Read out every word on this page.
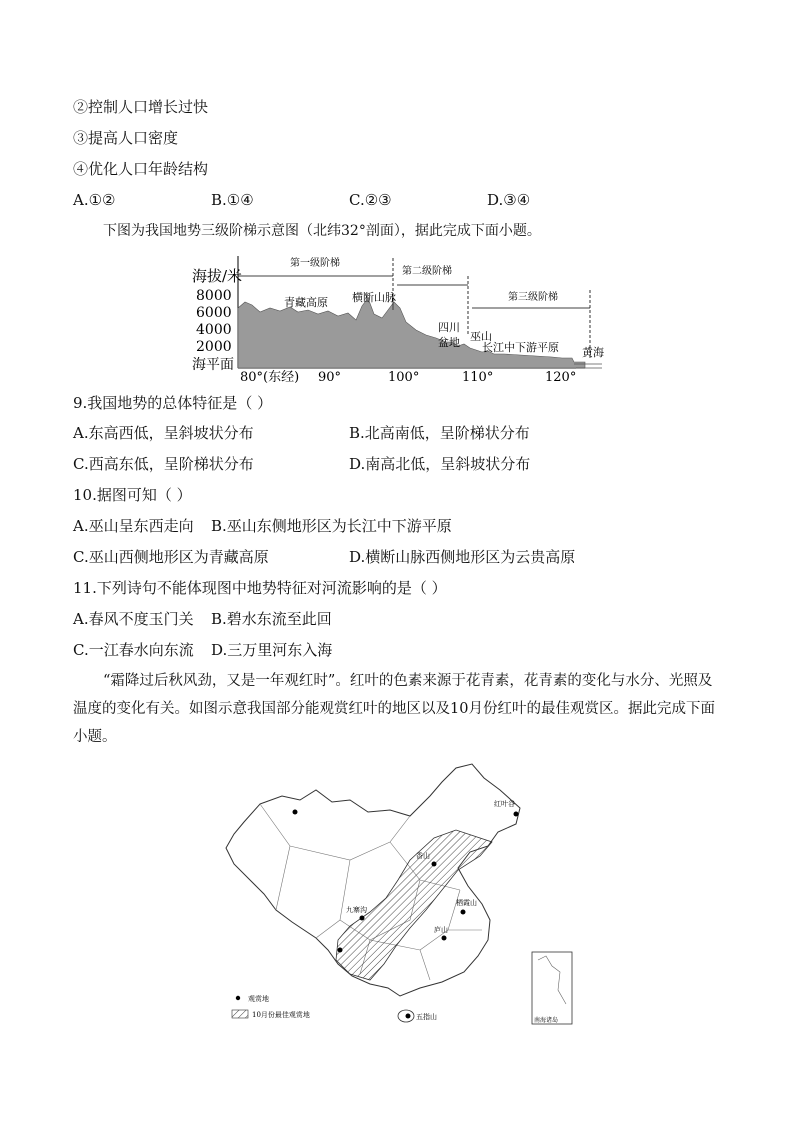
②控制人口增长过快
③提高人口密度
④优化人口年龄结构
A.①②	B.①④	C.②③	D.③④
下图为我国地势三级阶梯示意图（北纬32°剖面），据此完成下面小题。
海拔/米
8000
6000
4000
2000
海平面
第一级阶梯
第二级阶梯
第三级阶梯
青藏高原 横断山脉
四川
盆地 巫山
长江中下游平原 黄海
80°(东经) 90°	100°	110°	120°
9.我国地势的总体特征是（ ）
A.东高西低，呈斜坡状分布	B.北高南低，呈阶梯状分布
C.西高东低，呈阶梯状分布	D.南高北低，呈斜坡状分布
10.据图可知（ ）
A.巫山呈东西走向 B.巫山东侧地形区为长江中下游平原
C.巫山西侧地形区为青藏高原	D.横断山脉西侧地形区为云贵高原
11.下列诗句不能体现图中地势特征对河流影响的是（ ）
A.春风不度玉门关 B.碧水东流至此回
C.一江春水向东流 D.三万里河东入海
“霜降过后秋风劲，又是一年观红时”。红叶的色素来源于花青素，花青素的变化与水分、光照及温度的变化有关。如图示意我国部分能观赏红叶的地区以及10月份红叶的最佳观赏区。据此完成下面小题。
南海诸岛
红叶谷
香山
栖霞山
庐山
九寨沟
五指山
观赏地
10月份最佳观赏地
